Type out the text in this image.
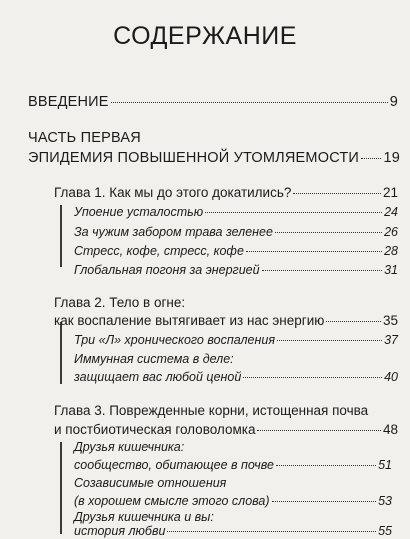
СОДЕРЖАНИЕ
ВВЕДЕНИЕ	9
ЧАСТЬ ПЕРВАЯ
ЭПИДЕМИЯ ПОВЫШЕННОЙ УТОМЛЯЕМОСТИ 19
Глава 1. Как мы до этого докатились?	21
Упоение усталостью	24
За чужим забором трава зеленее	26
Стресс, кофе, стресс, кофе	28
Глобальная погоня за энергией	31
Глава 2. Тело в огне:
как воспаление вытягивает из нас энергию	35
Три «Л» хронического воспаления	37
Иммунная система в деле:
защищает вас любой ценой	40
Глава 3. Поврежденные корни, истощенная почва
и постбиотическая головоломка	48
Друзья кишечника:
сообщество, обитающее в почве	51
Созависимые отношения
(в хорошем смысле этого слова)	53
Друзья кишечника и вы:
история любви	55
